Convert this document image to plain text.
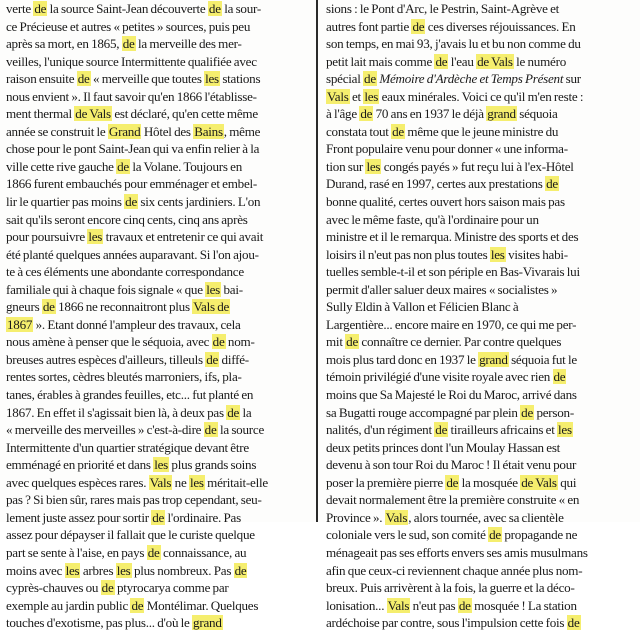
verte de la source Saint-Jean découverte de la sour-
ce Précieuse et autres « petites » sources, puis peu
après sa mort, en 1865, de la merveille des mer-
veilles, l'unique source Intermittente qualifiée avec
raison ensuite de « merveille que toutes les stations
nous envient ». Il faut savoir qu'en 1866 l'établisse-
ment thermal de Vals est déclaré, qu'en cette même
année se construit le Grand Hôtel des Bains, même
chose pour le pont Saint-Jean qui va enfin relier à la
ville cette rive gauche de la Volane. Toujours en
1866 furent embauchés pour emménager et embel-
lir le quartier pas moins de six cents jardiniers. L'on
sait qu'ils seront encore cinq cents, cinq ans après
pour poursuivre les travaux et entretenir ce qui avait
été planté quelques années auparavant. Si l'on ajou-
te à ces éléments une abondante correspondance
familiale qui à chaque fois signale « que les bai-
gneurs de 1866 ne reconnaitront plus Vals de
1867 ». Etant donné l'ampleur des travaux, cela
nous amène à penser que le séquoia, avec de nom-
breuses autres espèces d'ailleurs, tilleuls de diffé-
rentes sortes, cèdres bleutés marroniers, ifs, pla-
tanes, érables à grandes feuilles, etc... fut planté en
1867. En effet il s'agissait bien là, à deux pas de la
« merveille des merveilles » c'est-à-dire de la source
Intermittente d'un quartier stratégique devant être
emménagé en priorité et dans les plus grands soins
avec quelques espèces rares. Vals ne les méritait-elle
pas ? Si bien sûr, rares mais pas trop cependant, seu-
lement juste assez pour sortir de l'ordinaire. Pas
assez pour dépayser il fallait que le curiste quelque
part se sente à l'aise, en pays de connaissance, au
moins avec les arbres les plus nombreux. Pas de
cyprès-chauves ou de ptyrocarya comme par
exemple au jardin public de Montélimar. Quelques
touches d'exotisme, pas plus... d'où le grand
sions : le Pont d'Arc, le Pestrin, Saint-Agrève et
autres font partie de ces diverses réjouissances. En
son temps, en mai 93, j'avais lu et bu non comme du
petit lait mais comme de l'eau de Vals le numéro
spécial de Mémoire d'Ardèche et Temps Présent sur
Vals et les eaux minérales. Voici ce qu'il m'en reste :
à l'âge de 70 ans en 1937 le déjà grand séquoia
constata tout de même que le jeune ministre du
Front populaire venu pour donner « une informa-
tion sur les congés payés » fut reçu lui à l'ex-Hôtel
Durand, rasé en 1997, certes aux prestations de
bonne qualité, certes ouvert hors saison mais pas
avec le même faste, qu'à l'ordinaire pour un
ministre et il le remarqua. Ministre des sports et des
loisirs il n'eut pas non plus toutes les visites habi-
tuelles semble-t-il et son périple en Bas-Vivarais lui
permit d'aller saluer deux maires « socialistes »
Sully Eldin à Vallon et Félicien Blanc à
Largentière... encore maire en 1970, ce qui me per-
mit de connaître ce dernier. Par contre quelques
mois plus tard donc en 1937 le grand séquoia fut le
témoin privilégié d'une visite royale avec rien de
moins que Sa Majesté le Roi du Maroc, arrivé dans
sa Bugatti rouge accompagné par plein de person-
nalités, d'un régiment de tirailleurs africains et les
deux petits princes dont l'un Moulay Hassan est
devenu à son tour Roi du Maroc ! Il était venu pour
poser la première pierre de la mosquée de Vals qui
devait normalement être la première construite « en
Province ». Vals, alors tournée, avec sa clientèle
coloniale vers le sud, son comité de propagande ne
ménageait pas ses efforts envers ses amis musulmans
afin que ceux-ci reviennent chaque année plus nom-
breux. Puis arrivèrent à la fois, la guerre et la déco-
lonisation... Vals n'eut pas de mosquée ! La station
ardéchoise par contre, sous l'impulsion cette fois de
